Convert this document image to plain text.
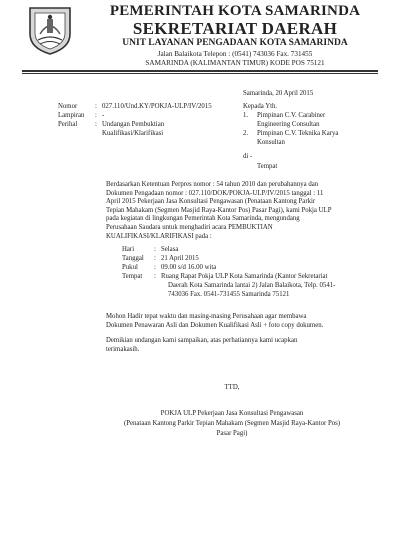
PEMERINTAH KOTA SAMARINDA
SEKRETARIAT DAERAH
UNIT LAYANAN PENGADAAN KOTA SAMARINDA
Jalan Balaikota Telepon : (0541) 743036 Fax. 731455
SAMARINDA (KALIMANTAN TIMUR) KODE POS 75121
Samarinda, 20 April 2015
Nomor	: 027.110/Und.KY/POKJA-ULP/IV/2015
Lampiran : -
Perihal	: Undangan Pembuktian
Kualifikasi/Klarifikasi
Kepada Yth.
1. Pimpinan C.V. Carabiner
Engineering Consultan
2. Pimpinan C.V. Teknika Karya
Konsultan
di -
Tempat
Berdasarkan Ketentuan Perpres nomor : 54 tahun 2010 dan perubahannya dan
Dokumen Pengadaan nomor : 027.110/DOK/POKJA-ULP/IV/2015 tanggal : 11
April 2015 Pekerjaan Jasa Konsultasi Pengawasan (Penataan Kantong Parkir
Tepian Mahakam (Segmen Masjid Raya-Kantor Pos) Pasar Pagi), kami Pokja ULP
pada kegiatan di lingkungan Pemerintah Kota Samarinda, mengundang
Perusahaan Saudara untuk menghadiri acara PEMBUKTIAN
KUALIFIKASI/KLARIFIKASI pada :
Hari	: Selasa
Tanggal : 21 April 2015
Pukul : 09.00 s/d 16.00 wita
Tempat : Ruang Rapat Pokja ULP Kota Samarinda (Kantor Sekretariat
Daerah Kota Samarinda lantai 2) Jalan Balaikota, Telp. 0541-
743036 Fax. 0541-731455 Samarinda 75121
Mohon Hadir tepat waktu dan masing-masing Perusahaan agar membawa
Dokumen Penawaran Asli dan Dokumen Kualifikasi Asli + foto copy dokumen.
Demikian undangan kami sampaikan, atas perhatiannya kami ucapkan
terimakasih.
TTD,
POKJA ULP Pekerjaan Jasa Konsultasi Pengawasan
(Penataan Kantong Parkir Tepian Mahakam (Segmen Masjid Raya-Kantor Pos)
Pasar Pagi)
